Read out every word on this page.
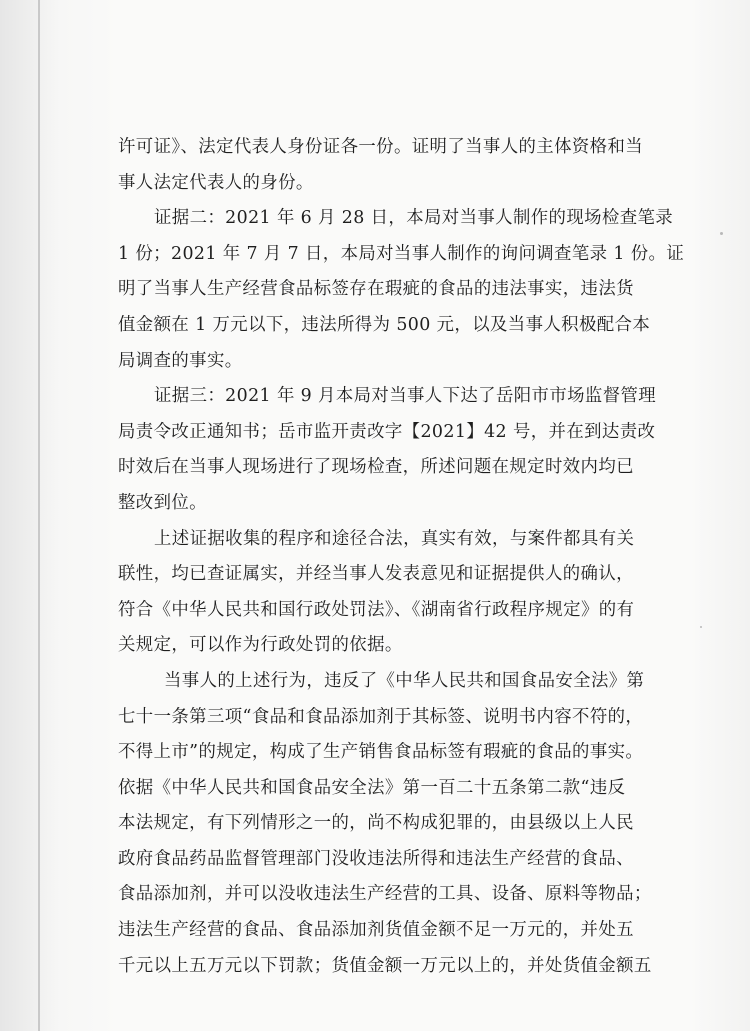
许可证》、法定代表人身份证各一份。证明了当事人的主体资格和当
事人法定代表人的身份。
证据二：2021 年 6 月 28 日，本局对当事人制作的现场检查笔录
1 份；2021 年 7 月 7 日，本局对当事人制作的询问调查笔录 1 份。证
明了当事人生产经营食品标签存在瑕疵的食品的违法事实，违法货
值金额在 1 万元以下，违法所得为 500 元，以及当事人积极配合本
局调查的事实。
证据三：2021 年 9 月本局对当事人下达了岳阳市市场监督管理
局责令改正通知书；岳市监开责改字【2021】42 号，并在到达责改
时效后在当事人现场进行了现场检查，所述问题在规定时效内均已
整改到位。
上述证据收集的程序和途径合法，真实有效，与案件都具有关
联性，均已查证属实，并经当事人发表意见和证据提供人的确认，
符合《中华人民共和国行政处罚法》、《湖南省行政程序规定》的有
关规定，可以作为行政处罚的依据。
当事人的上述行为，违反了《中华人民共和国食品安全法》第
七十一条第三项“食品和食品添加剂于其标签、说明书内容不符的，
不得上市”的规定，构成了生产销售食品标签有瑕疵的食品的事实。
依据《中华人民共和国食品安全法》第一百二十五条第二款“违反
本法规定，有下列情形之一的，尚不构成犯罪的，由县级以上人民
政府食品药品监督管理部门没收违法所得和违法生产经营的食品、
食品添加剂，并可以没收违法生产经营的工具、设备、原料等物品；
违法生产经营的食品、食品添加剂货值金额不足一万元的，并处五
千元以上五万元以下罚款；货值金额一万元以上的，并处货值金额五
